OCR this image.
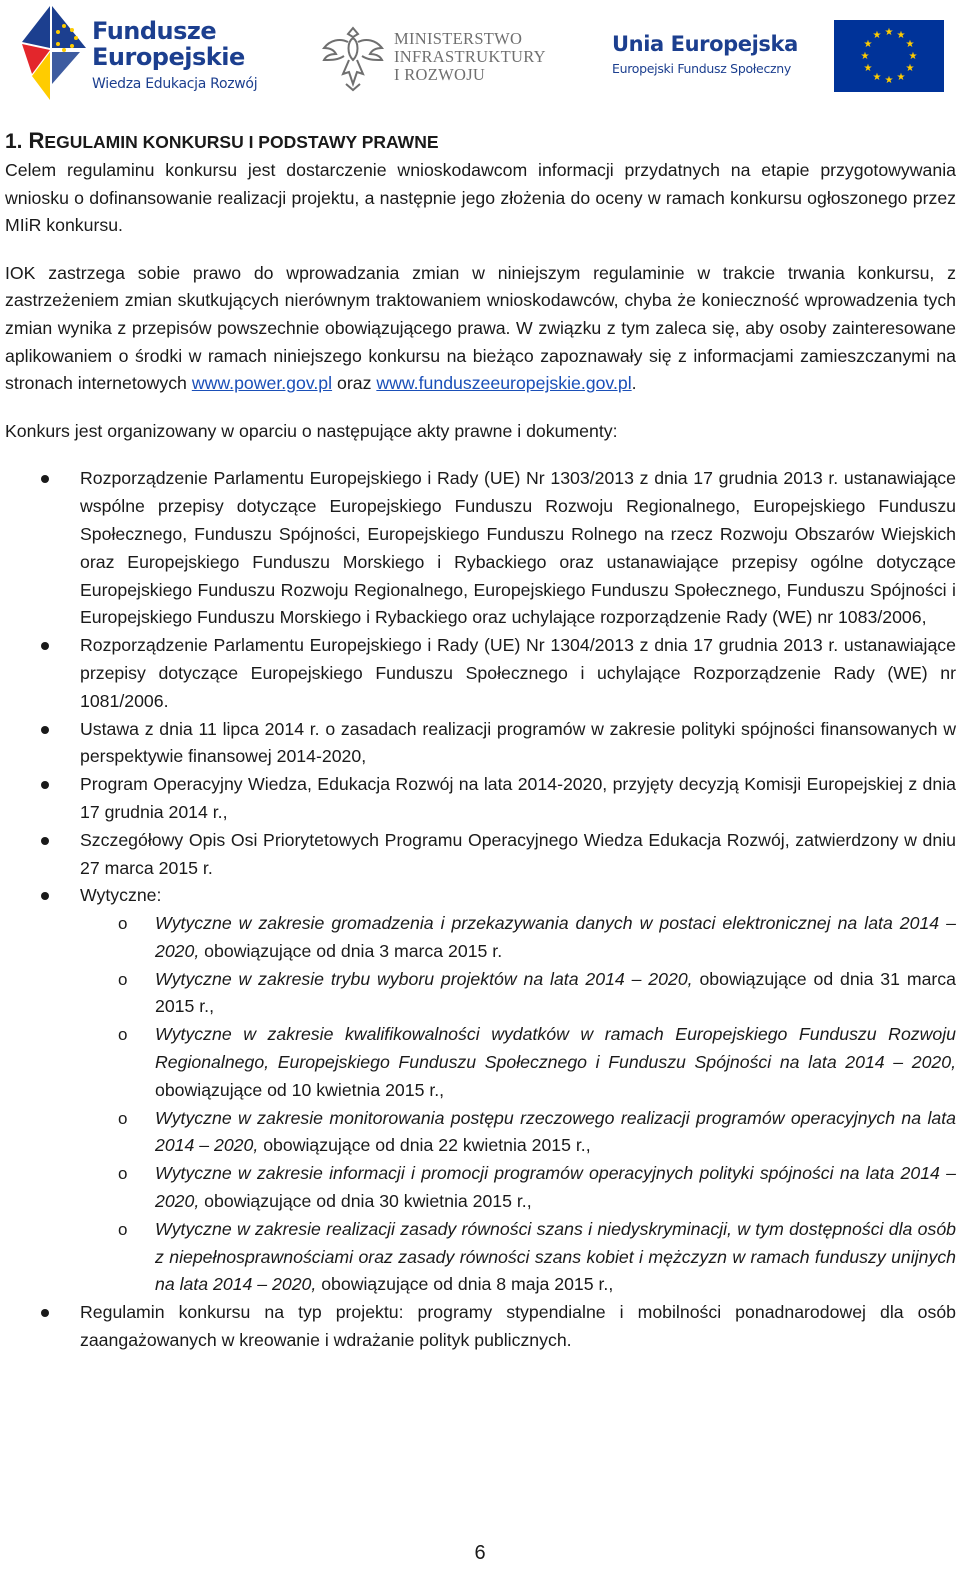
Fundusze
Europejskie
Wiedza Edukacja Rozwój
MINISTERSTWO
INFRASTRUKTURY
I ROZWOJU
Unia Europejska
Europejski Fundusz Społeczny
★ ★
★
★
★
★
★
★
★
★
★
★
1. REGULAMIN KONKURSU I PODSTAWY PRAWNE

Celem regulaminu konkursu jest dostarczenie wnioskodawcom informacji przydatnych na etapie przygotowywania wniosku o dofinansowanie realizacji projektu, a następnie jego złożenia do oceny w ramach konkursu ogłoszonego przez MIiR konkursu.

IOK zastrzega sobie prawo do wprowadzania zmian w niniejszym regulaminie w trakcie trwania konkursu, z zastrzeżeniem zmian skutkujących nierównym traktowaniem wnioskodawców, chyba że konieczność wprowadzenia tych zmian wynika z przepisów powszechnie obowiązującego prawa. W związku z tym zaleca się, aby osoby zainteresowane aplikowaniem o środki w ramach niniejszego konkursu na bieżąco zapoznawały się z informacjami zamieszczanymi na stronach internetowych www.power.gov.pl oraz www.funduszeeuropejskie.gov.pl.

Konkurs jest organizowany w oparciu o następujące akty prawne i dokumenty:

Rozporządzenie Parlamentu Europejskiego i Rady (UE) Nr 1303/2013 z dnia 17 grudnia 2013 r. ustanawiające wspólne przepisy dotyczące Europejskiego Funduszu Rozwoju Regionalnego, Europejskiego Funduszu Społecznego, Funduszu Spójności, Europejskiego Funduszu Rolnego na rzecz Rozwoju Obszarów Wiejskich oraz Europejskiego Funduszu Morskiego i Rybackiego oraz ustanawiające przepisy ogólne dotyczące Europejskiego Funduszu Rozwoju Regionalnego, Europejskiego Funduszu Społecznego, Funduszu Spójności i Europejskiego Funduszu Morskiego i Rybackiego oraz uchylające rozporządzenie Rady (WE) nr 1083/2006,
Rozporządzenie Parlamentu Europejskiego i Rady (UE) Nr 1304/2013 z dnia 17 grudnia 2013 r. ustanawiające przepisy dotyczące Europejskiego Funduszu Społecznego i uchylające Rozporządzenie Rady (WE) nr 1081/2006.
Ustawa z dnia 11 lipca 2014 r. o zasadach realizacji programów w zakresie polityki spójności finansowanych w perspektywie finansowej 2014-2020,
Program Operacyjny Wiedza, Edukacja Rozwój na lata 2014-2020, przyjęty decyzją Komisji Europejskiej z dnia 17 grudnia 2014 r.,
Szczegółowy Opis Osi Priorytetowych Programu Operacyjnego Wiedza Edukacja Rozwój, zatwierdzony w dniu 27 marca 2015 r.
Wytyczne:
o Wytyczne w zakresie gromadzenia i przekazywania danych w postaci elektronicznej na lata 2014 – 2020, obowiązujące od dnia 3 marca 2015 r.
o Wytyczne w zakresie trybu wyboru projektów na lata 2014 – 2020, obowiązujące od dnia 31 marca 2015 r.,
o Wytyczne w zakresie kwalifikowalności wydatków w ramach Europejskiego Funduszu Rozwoju Regionalnego, Europejskiego Funduszu Społecznego i Funduszu Spójności na lata 2014 – 2020, obowiązujące od 10 kwietnia 2015 r.,
o Wytyczne w zakresie monitorowania postępu rzeczowego realizacji programów operacyjnych na lata 2014 – 2020, obowiązujące od dnia 22 kwietnia 2015 r.,
o Wytyczne w zakresie informacji i promocji programów operacyjnych polityki spójności na lata 2014 – 2020, obowiązujące od dnia 30 kwietnia 2015 r.,
o Wytyczne w zakresie realizacji zasady równości szans i niedyskryminacji, w tym dostępności dla osób z niepełnosprawnościami oraz zasady równości szans kobiet i mężczyzn w ramach funduszy unijnych na lata 2014 – 2020, obowiązujące od dnia 8 maja 2015 r.,
Regulamin konkursu na typ projektu: programy stypendialne i mobilności ponadnarodowej dla osób zaangażowanych w kreowanie i wdrażanie polityk publicznych.
6
